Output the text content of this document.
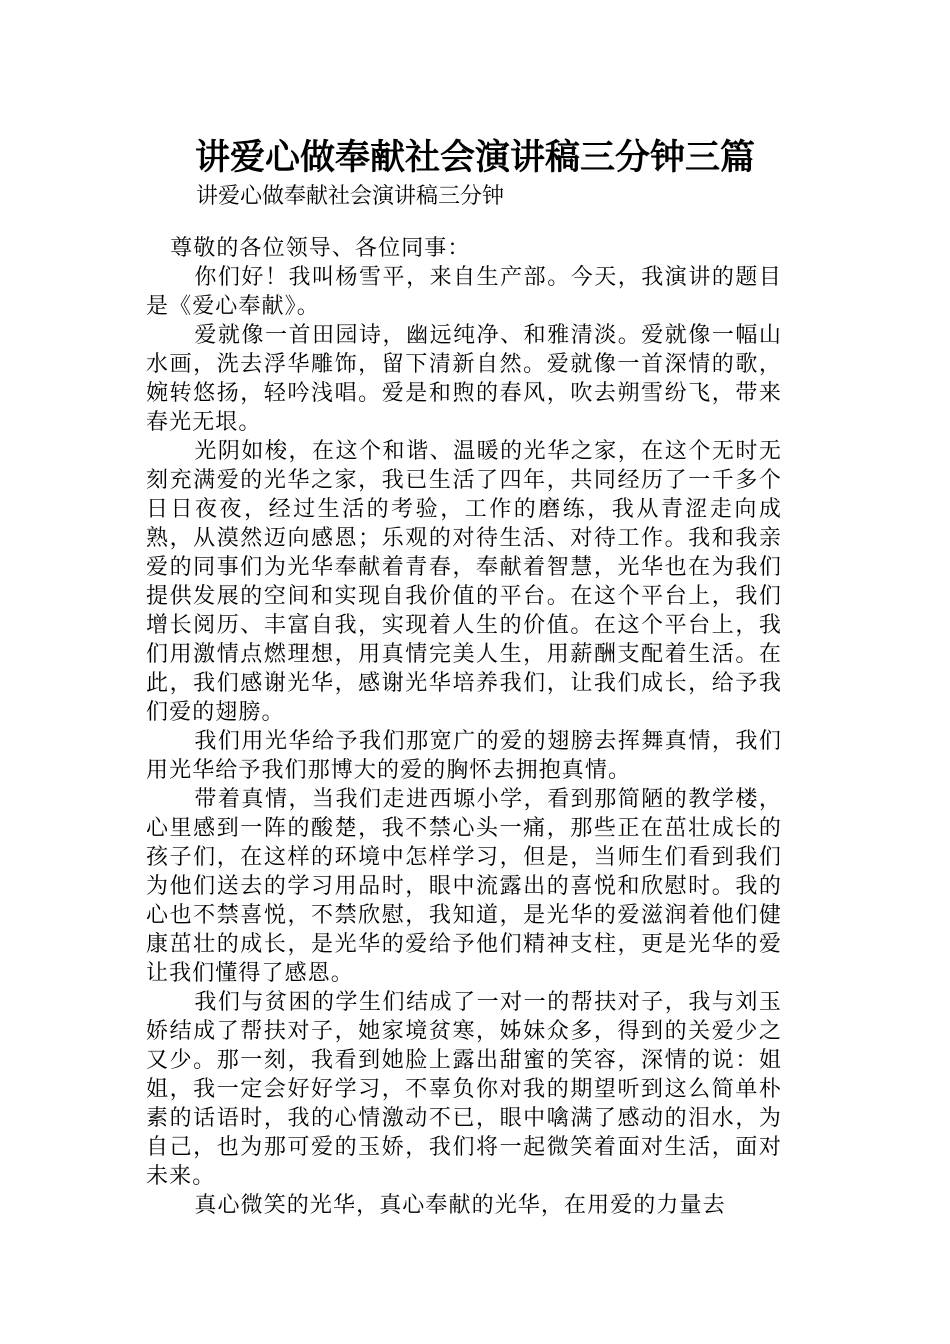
讲爱心做奉献社会演讲稿三分钟三篇
讲爱心做奉献社会演讲稿三分钟

尊敬的各位领导、各位同事：

你们好！我叫杨雪平，来自生产部。今天，我演讲的题目是《爱心奉献》。

爱就像一首田园诗，幽远纯净、和雅清淡。爱就像一幅山水画，洗去浮华雕饰，留下清新自然。爱就像一首深情的歌，婉转悠扬，轻吟浅唱。爱是和煦的春风，吹去朔雪纷飞，带来春光无垠。

光阴如梭，在这个和谐、温暖的光华之家，在这个无时无刻充满爱的光华之家，我已生活了四年，共同经历了一千多个日日夜夜，经过生活的考验，工作的磨练，我从青涩走向成熟，从漠然迈向感恩；乐观的对待生活、对待工作。我和我亲爱的同事们为光华奉献着青春，奉献着智慧，光华也在为我们提供发展的空间和实现自我价值的平台。在这个平台上，我们增长阅历、丰富自我，实现着人生的价值。在这个平台上，我们用激情点燃理想，用真情完美人生，用薪酬支配着生活。在此，我们感谢光华，感谢光华培养我们，让我们成长，给予我们爱的翅膀。

我们用光华给予我们那宽广的爱的翅膀去挥舞真情，我们用光华给予我们那博大的爱的胸怀去拥抱真情。

带着真情，当我们走进西塬小学，看到那简陋的教学楼，心里感到一阵的酸楚，我不禁心头一痛，那些正在茁壮成长的孩子们，在这样的环境中怎样学习，但是，当师生们看到我们为他们送去的学习用品时，眼中流露出的喜悦和欣慰时。我的心也不禁喜悦，不禁欣慰，我知道，是光华的爱滋润着他们健康茁壮的成长，是光华的爱给予他们精神支柱，更是光华的爱让我们懂得了感恩。

我们与贫困的学生们结成了一对一的帮扶对子，我与刘玉娇结成了帮扶对子，她家境贫寒，姊妹众多，得到的关爱少之又少。那一刻，我看到她脸上露出甜蜜的笑容，深情的说：姐姐，我一定会好好学习，不辜负你对我的期望听到这么简单朴素的话语时，我的心情激动不已，眼中噙满了感动的泪水，为自己，也为那可爱的玉娇，我们将一起微笑着面对生活，面对未来。

真心微笑的光华，真心奉献的光华，在用爱的力量去
